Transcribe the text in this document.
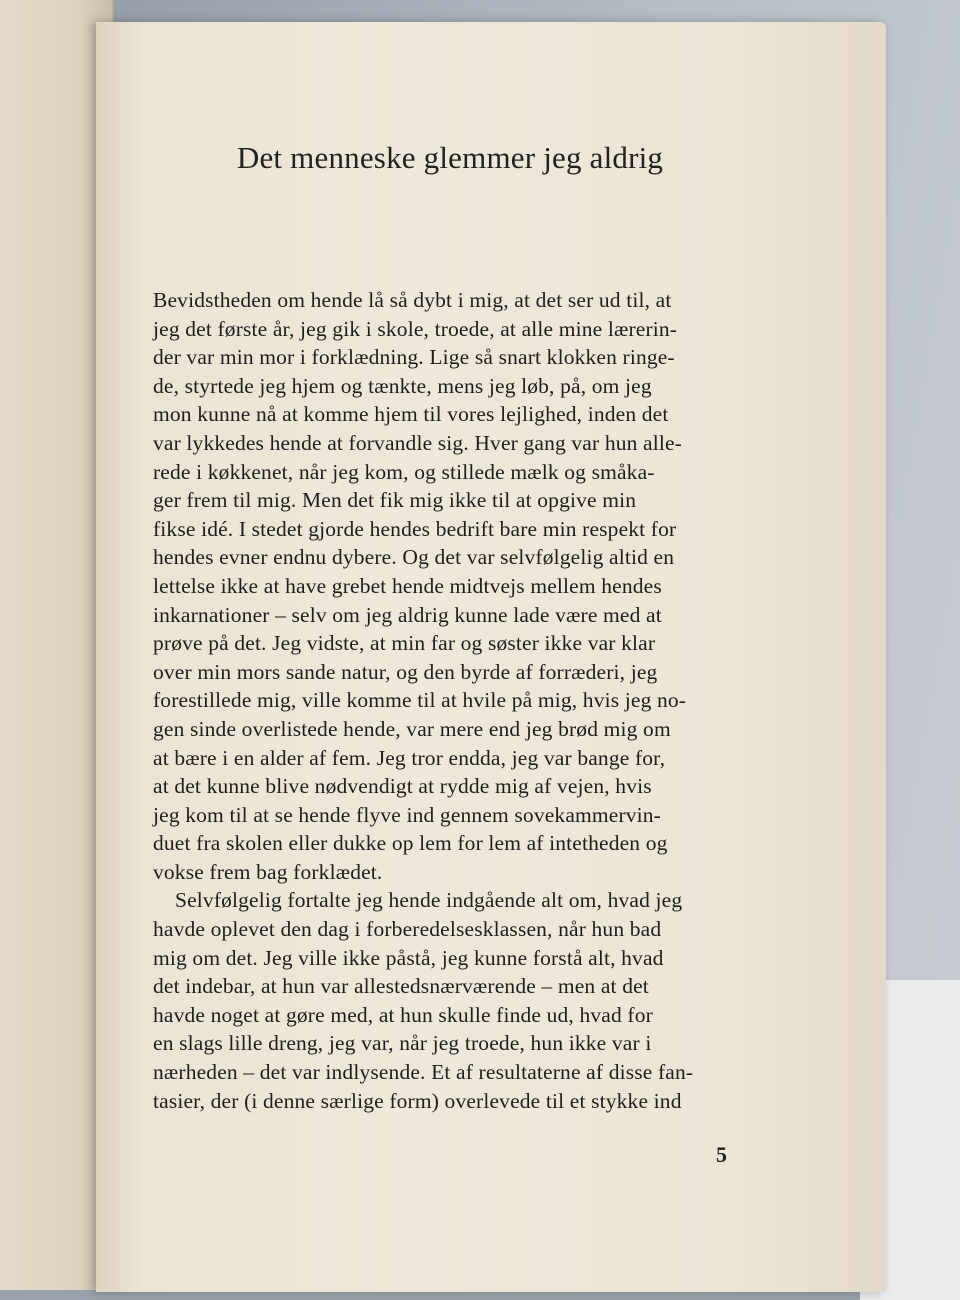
Det menneske glemmer jeg aldrig

Bevidstheden om hende lå så dybt i mig, at det ser ud til, at
jeg det første år, jeg gik i skole, troede, at alle mine lærerin-
der var min mor i forklædning. Lige så snart klokken ringe-
de, styrtede jeg hjem og tænkte, mens jeg løb, på, om jeg
mon kunne nå at komme hjem til vores lejlighed, inden det
var lykkedes hende at forvandle sig. Hver gang var hun alle-
rede i køkkenet, når jeg kom, og stillede mælk og småka-
ger frem til mig. Men det fik mig ikke til at opgive min
fikse idé. I stedet gjorde hendes bedrift bare min respekt for
hendes evner endnu dybere. Og det var selvfølgelig altid en
lettelse ikke at have grebet hende midtvejs mellem hendes
inkarnationer – selv om jeg aldrig kunne lade være med at
prøve på det. Jeg vidste, at min far og søster ikke var klar
over min mors sande natur, og den byrde af forræderi, jeg
forestillede mig, ville komme til at hvile på mig, hvis jeg no-
gen sinde overlistede hende, var mere end jeg brød mig om
at bære i en alder af fem. Jeg tror endda, jeg var bange for,
at det kunne blive nødvendigt at rydde mig af vejen, hvis
jeg kom til at se hende flyve ind gennem sovekammervin-
duet fra skolen eller dukke op lem for lem af intetheden og
vokse frem bag forklædet.

Selvfølgelig fortalte jeg hende indgående alt om, hvad jeg
havde oplevet den dag i forberedelsesklassen, når hun bad
mig om det. Jeg ville ikke påstå, jeg kunne forstå alt, hvad
det indebar, at hun var allestedsnærværende – men at det
havde noget at gøre med, at hun skulle finde ud, hvad for
en slags lille dreng, jeg var, når jeg troede, hun ikke var i
nærheden – det var indlysende. Et af resultaterne af disse fan-
tasier, der (i denne særlige form) overlevede til et stykke ind

5
